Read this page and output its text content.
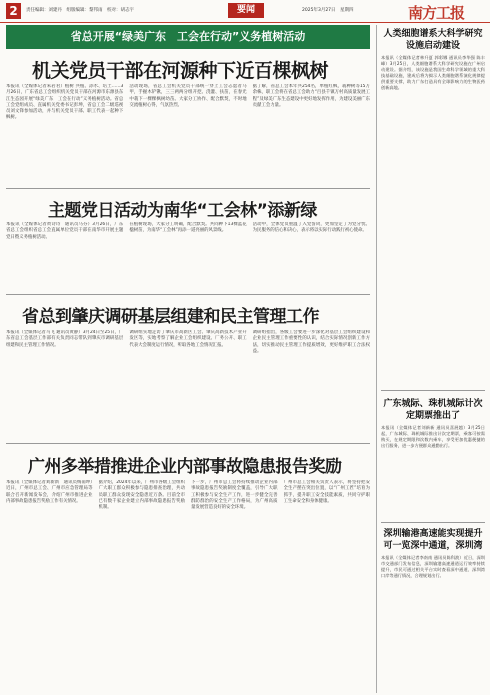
2	责任编辑：刘建丹　组版编辑：黎邦雨　校对：胡志宇	要闻	2025年3月27日　星期四	南方工报
省总开展“绿美广东　工会在行动”义务植树活动
机关党员干部在河源种下近百棵枫树
本报讯（全媒体记者朱岩君）植树 共植、添水、培土……3月26日，广东省总工会组织机关党员干部在河源市东源县东江生态园开展“绿美广东　工会在行动”义务植树活动。省总工会党组成员、直属机关党委书记彭坤，省总工会二级巡视员刘文锋参加活动，并与机关党员干部、职工代表一起种下枫树。
活动现场，省总工会机关党员干部统一穿上工会志愿者马甲，手握木铲锹，三三两两分组开挖、浇灌、扶苗，在春光中栽下一棵棵枫树幼苗。大家分工协作、配合默契，不时地交流植树心得，气氛热烈。
据了解，省总工会本年共254名，单植红枫，栽种树等15万余株，职工会将在省总工会助力“百县千镇万村高质量发展工程”及绿美广东生态建设中更好地发挥作用，为建设美丽广东贡献工会力量。
主题党日活动为南华“工会林”添新绿
本报讯（全媒体记者黄诗诗　通讯员马芬）3月26日，广东省总工会组织省总工会直属单位党员干部在南华市开展主题党日暨义务植树活动。
在植树现场，大家分工明确，配合默契。共同种下13棵蓝花楹树苗，为南华“工会林”再添一道亮丽的风景线。
活动中，全体党员重温了入党誓词，更加坚定了为党分忧、为民服务的信心和决心，表示将以实际行动践行初心使命。
省总到肇庆调研基层组建和民主管理工作
本报讯（全媒体记者马飞 通讯员黄静）3月24日至25日，广东省总工会基层工作部有关负责同志带队到肇庆市调研基层组建和民主管理工作情况。
调研组实地走访了肇庆市高新区工会、肇庆高新技术产业开发区等，实地考察了解企业工会组织建设、厂务公开、职工代表大会制度运行情况，听取各地工会情况汇报。
调研组指出，各级工会要进一步深化对基层工会组织建设和企业民主管理工作重要性的认识，结合实际情况创新工作方法，切实推动民主管理工作提质增效，更好维护职工合法权益。
广州多举措推进企业内部事故隐患报告奖励
本报讯（全媒体记者刘新新　通讯员梅南坤）近日，广州市总工会、广州市应急管理局等联合召开新闻发布会，介绍广州市推进企业内部事故隐患报告奖励工作有关情况。
据介绍，2024年以来，广州市各级工会组织广大职工群众积极参与隐患排查治理，共动员职工群众发现安全隐患近万条。目前全市已有数千家企业建立内部事故隐患报告奖励机制。
下一步，广州市总工会将持续推动企业内部事故隐患报告奖励制度全覆盖，引导广大职工积极参与安全生产工作，进一步健全完善群防群治的安全生产工作格局，为广州高质量发展营造良好的安全环境。
广州市总工会相关负责人表示，将坚持把安全生产摆在突出位置，以“广州工匠”培育为抓手，提升职工安全技能素质，共同守护职工生命安全和身体健康。
人类细胞谱系大科学研究设施启动建设
本报讯（全媒体记者林升夏 郭彩娜 通讯员李华强 陈丰峰）3月25日，人类细胞谱系大科学研究设施在广州启动建设。据介绍，该设施是我国生命科学领域的重大科技基础设施，建成后将为揭示人类细胞谱系演化规律提供重要支撑，助力广东打造具有全球影响力的生物医药创新高地。
广东城际、珠机城际计次定期票推出了
本报讯（全媒体记者刘新新 通讯员喜展越）3月25日起，广东城际、珠机城际推出计次定期票，乘客可按需购买，在规定期限和次数内乘车，享受更加优惠便捷的出行服务，进一步方便群众通勤出行。
深圳输港高速能实现提升可一览深中通道，深圳湾
本报讯（全媒体记者李南南 通讯员陈科波）近日，深圳市交通部门发布信息，深圳输港高速通道运行效率持续提升，市民可通过相关平台实时查看深中通道、深圳湾口岸等通行情况，合理规划出行。
